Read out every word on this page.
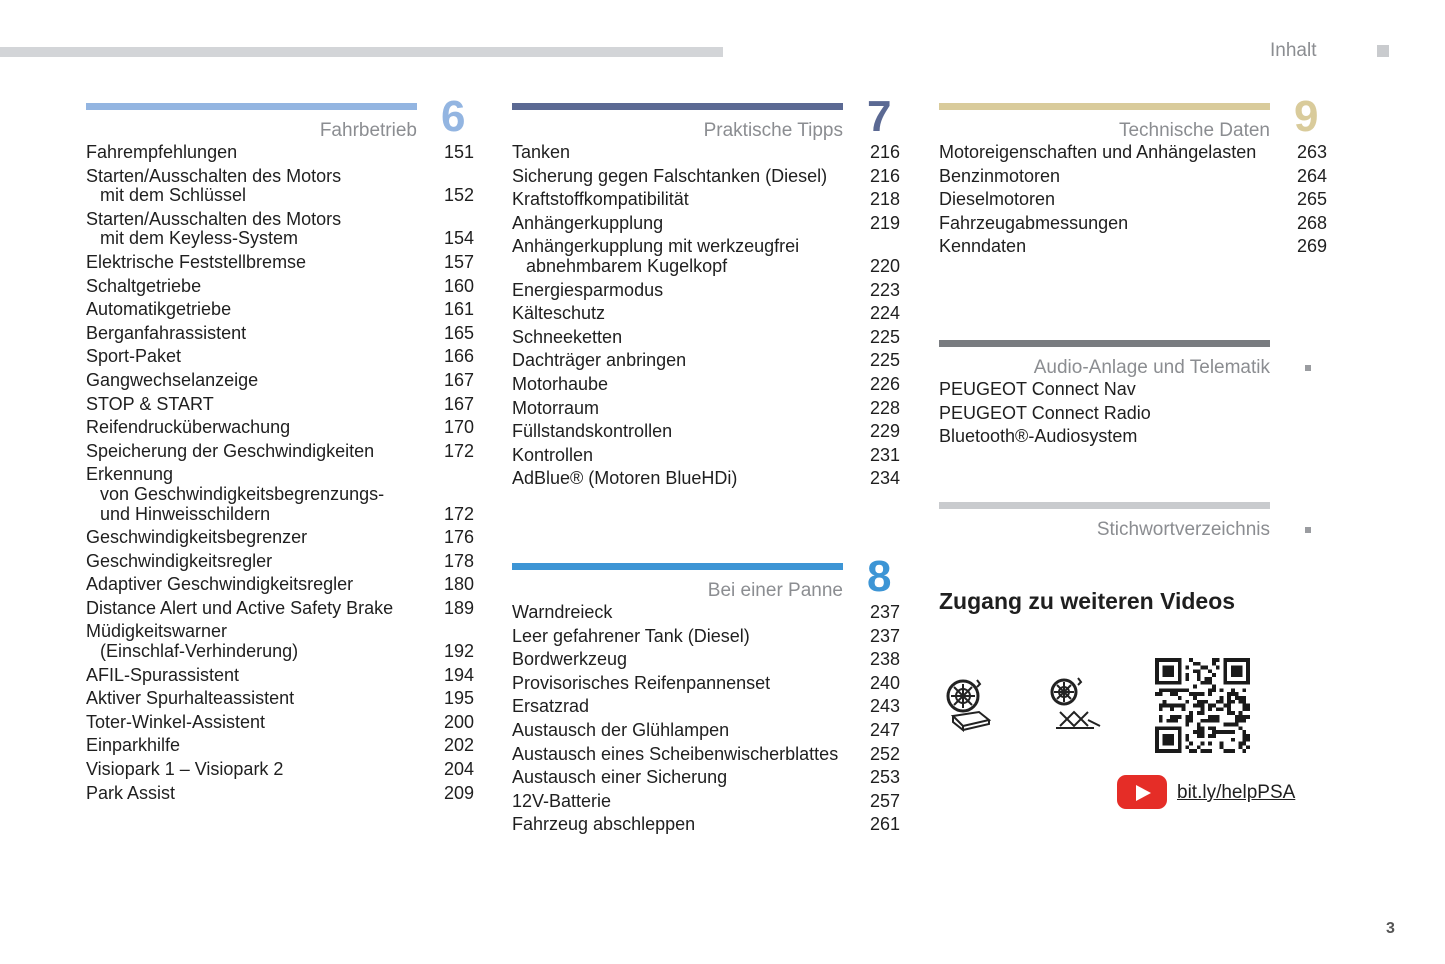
Inhalt
Fahrbetrieb 6
Fahrempfehlungen	151
Starten/Ausschalten des Motors
mit dem Schlüssel	152
Starten/Ausschalten des Motors
mit dem Keyless-System	154
Elektrische Feststellbremse	157
Schaltgetriebe	160
Automatikgetriebe	161
Berganfahrassistent	165
Sport-Paket	166
Gangwechselanzeige	167
STOP & START	167
Reifendrucküberwachung	170
Speicherung der Geschwindigkeiten	172
Erkennung
von Geschwindigkeitsbegrenzungs-
und Hinweisschildern	172
Geschwindigkeitsbegrenzer	176
Geschwindigkeitsregler	178
Adaptiver Geschwindigkeitsregler	180
Distance Alert und Active Safety Brake	189
Müdigkeitswarner
(Einschlaf-Verhinderung)	192
AFIL-Spurassistent	194
Aktiver Spurhalteassistent	195
Toter-Winkel-Assistent	200
Einparkhilfe	202
Visiopark 1 – Visiopark 2	204
Park Assist	209
Praktische Tipps 7
Tanken	216
Sicherung gegen Falschtanken (Diesel)	216
Kraftstoffkompatibilität	218
Anhängerkupplung	219
Anhängerkupplung mit werkzeugfrei
abnehmbarem Kugelkopf	220
Energiesparmodus	223
Kälteschutz	224
Schneeketten	225
Dachträger anbringen	225
Motorhaube	226
Motorraum	228
Füllstandskontrollen	229
Kontrollen	231
AdBlue® (Motoren BlueHDi)	234
Bei einer Panne 8
Warndreieck	237
Leer gefahrener Tank (Diesel)	237
Bordwerkzeug	238
Provisorisches Reifenpannenset	240
Ersatzrad	243
Austausch der Glühlampen	247
Austausch eines Scheibenwischerblattes	252
Austausch einer Sicherung	253
12V-Batterie	257
Fahrzeug abschleppen	261
Technische Daten 9
Motoreigenschaften und Anhängelasten	263
Benzinmotoren	264
Dieselmotoren	265
Fahrzeugabmessungen	268
Kenndaten	269
Audio-Anlage und Telematik
PEUGEOT Connect Nav
PEUGEOT Connect Radio
Bluetooth®-Audiosystem
Stichwortverzeichnis
Zugang zu weiteren Videos
bit.ly/helpPSA
3
